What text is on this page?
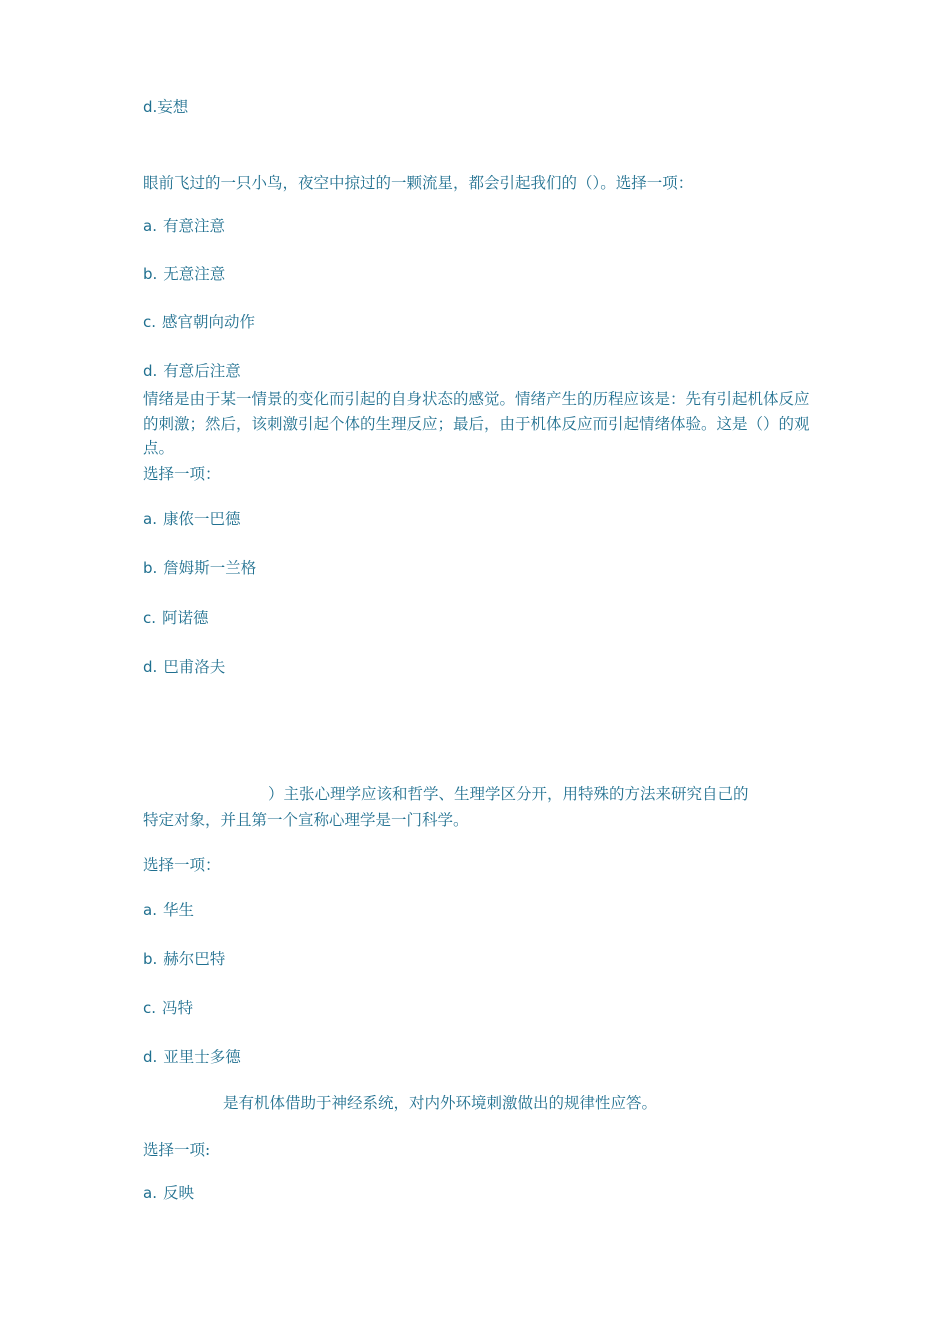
d.妄想
眼前飞过的一只小鸟，夜空中掠过的一颗流星，都会引起我们的（）。选择一项：
a. 有意注意
b. 无意注意
c. 感官朝向动作
d. 有意后注意
情绪是由于某一情景的变化而引起的自身状态的感觉。情绪产生的历程应该是：先有引起机体反应的刺激；然后，该刺激引起个体的生理反应；最后，由于机体反应而引起情绪体验。这是（）的观点。
选择一项：
a. 康侬一巴德
b. 詹姆斯一兰格
c. 阿诺德
d. 巴甫洛夫
）主张心理学应该和哲学、生理学区分开，用特殊的方法来研究自己的
特定对象，并且第一个宣称心理学是一门科学。
选择一项：
a. 华生
b. 赫尔巴特
c. 冯特
d. 亚里士多德
是有机体借助于神经系统，对内外环境刺激做出的规律性应答。
选择一项:
a. 反映
